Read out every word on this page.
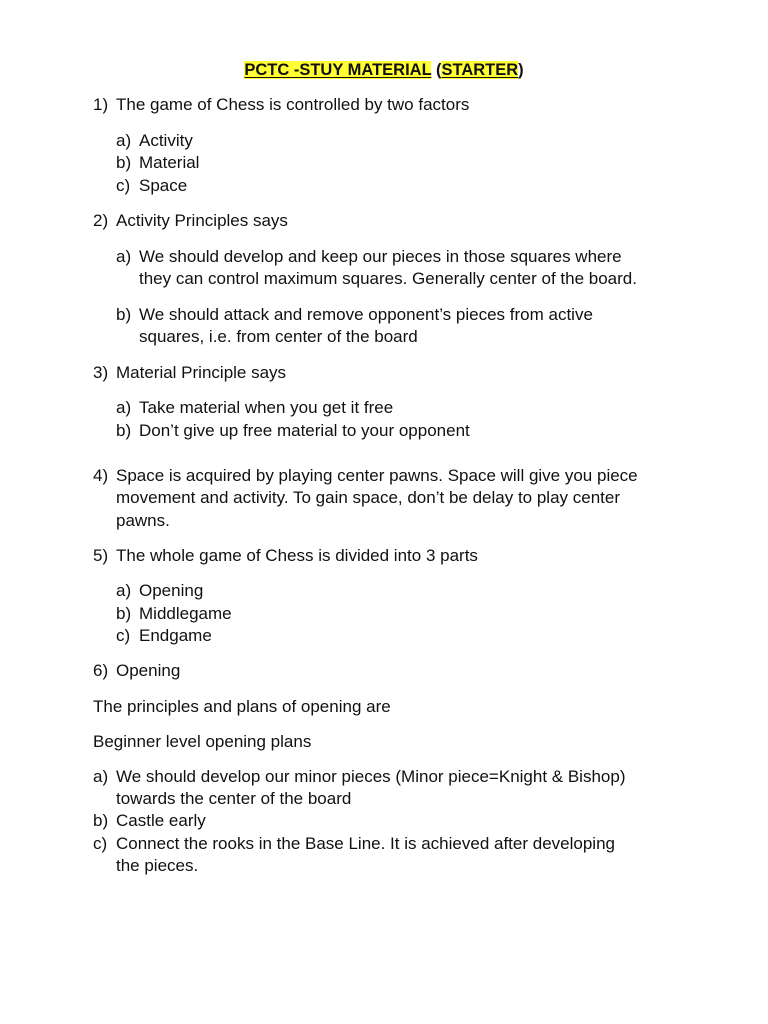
PCTC -STUY MATERIAL (STARTER)
1) The game of Chess is controlled by two factors
a) Activity
b) Material
c) Space
2) Activity Principles says
a) We should develop and keep our pieces in those squares where
they can control maximum squares. Generally center of the board.
b) We should attack and remove opponent’s pieces from active
squares, i.e. from center of the board
3) Material Principle says
a) Take material when you get it free
b) Don’t give up free material to your opponent
4) Space is acquired by playing center pawns. Space will give you piece
movement and activity. To gain space, don’t be delay to play center
pawns.
5) The whole game of Chess is divided into 3 parts
a) Opening
b) Middlegame
c) Endgame
6) Opening
The principles and plans of opening are
Beginner level opening plans
a) We should develop our minor pieces (Minor piece=Knight & Bishop)
towards the center of the board
b) Castle early
c) Connect the rooks in the Base Line. It is achieved after developing
the pieces.
